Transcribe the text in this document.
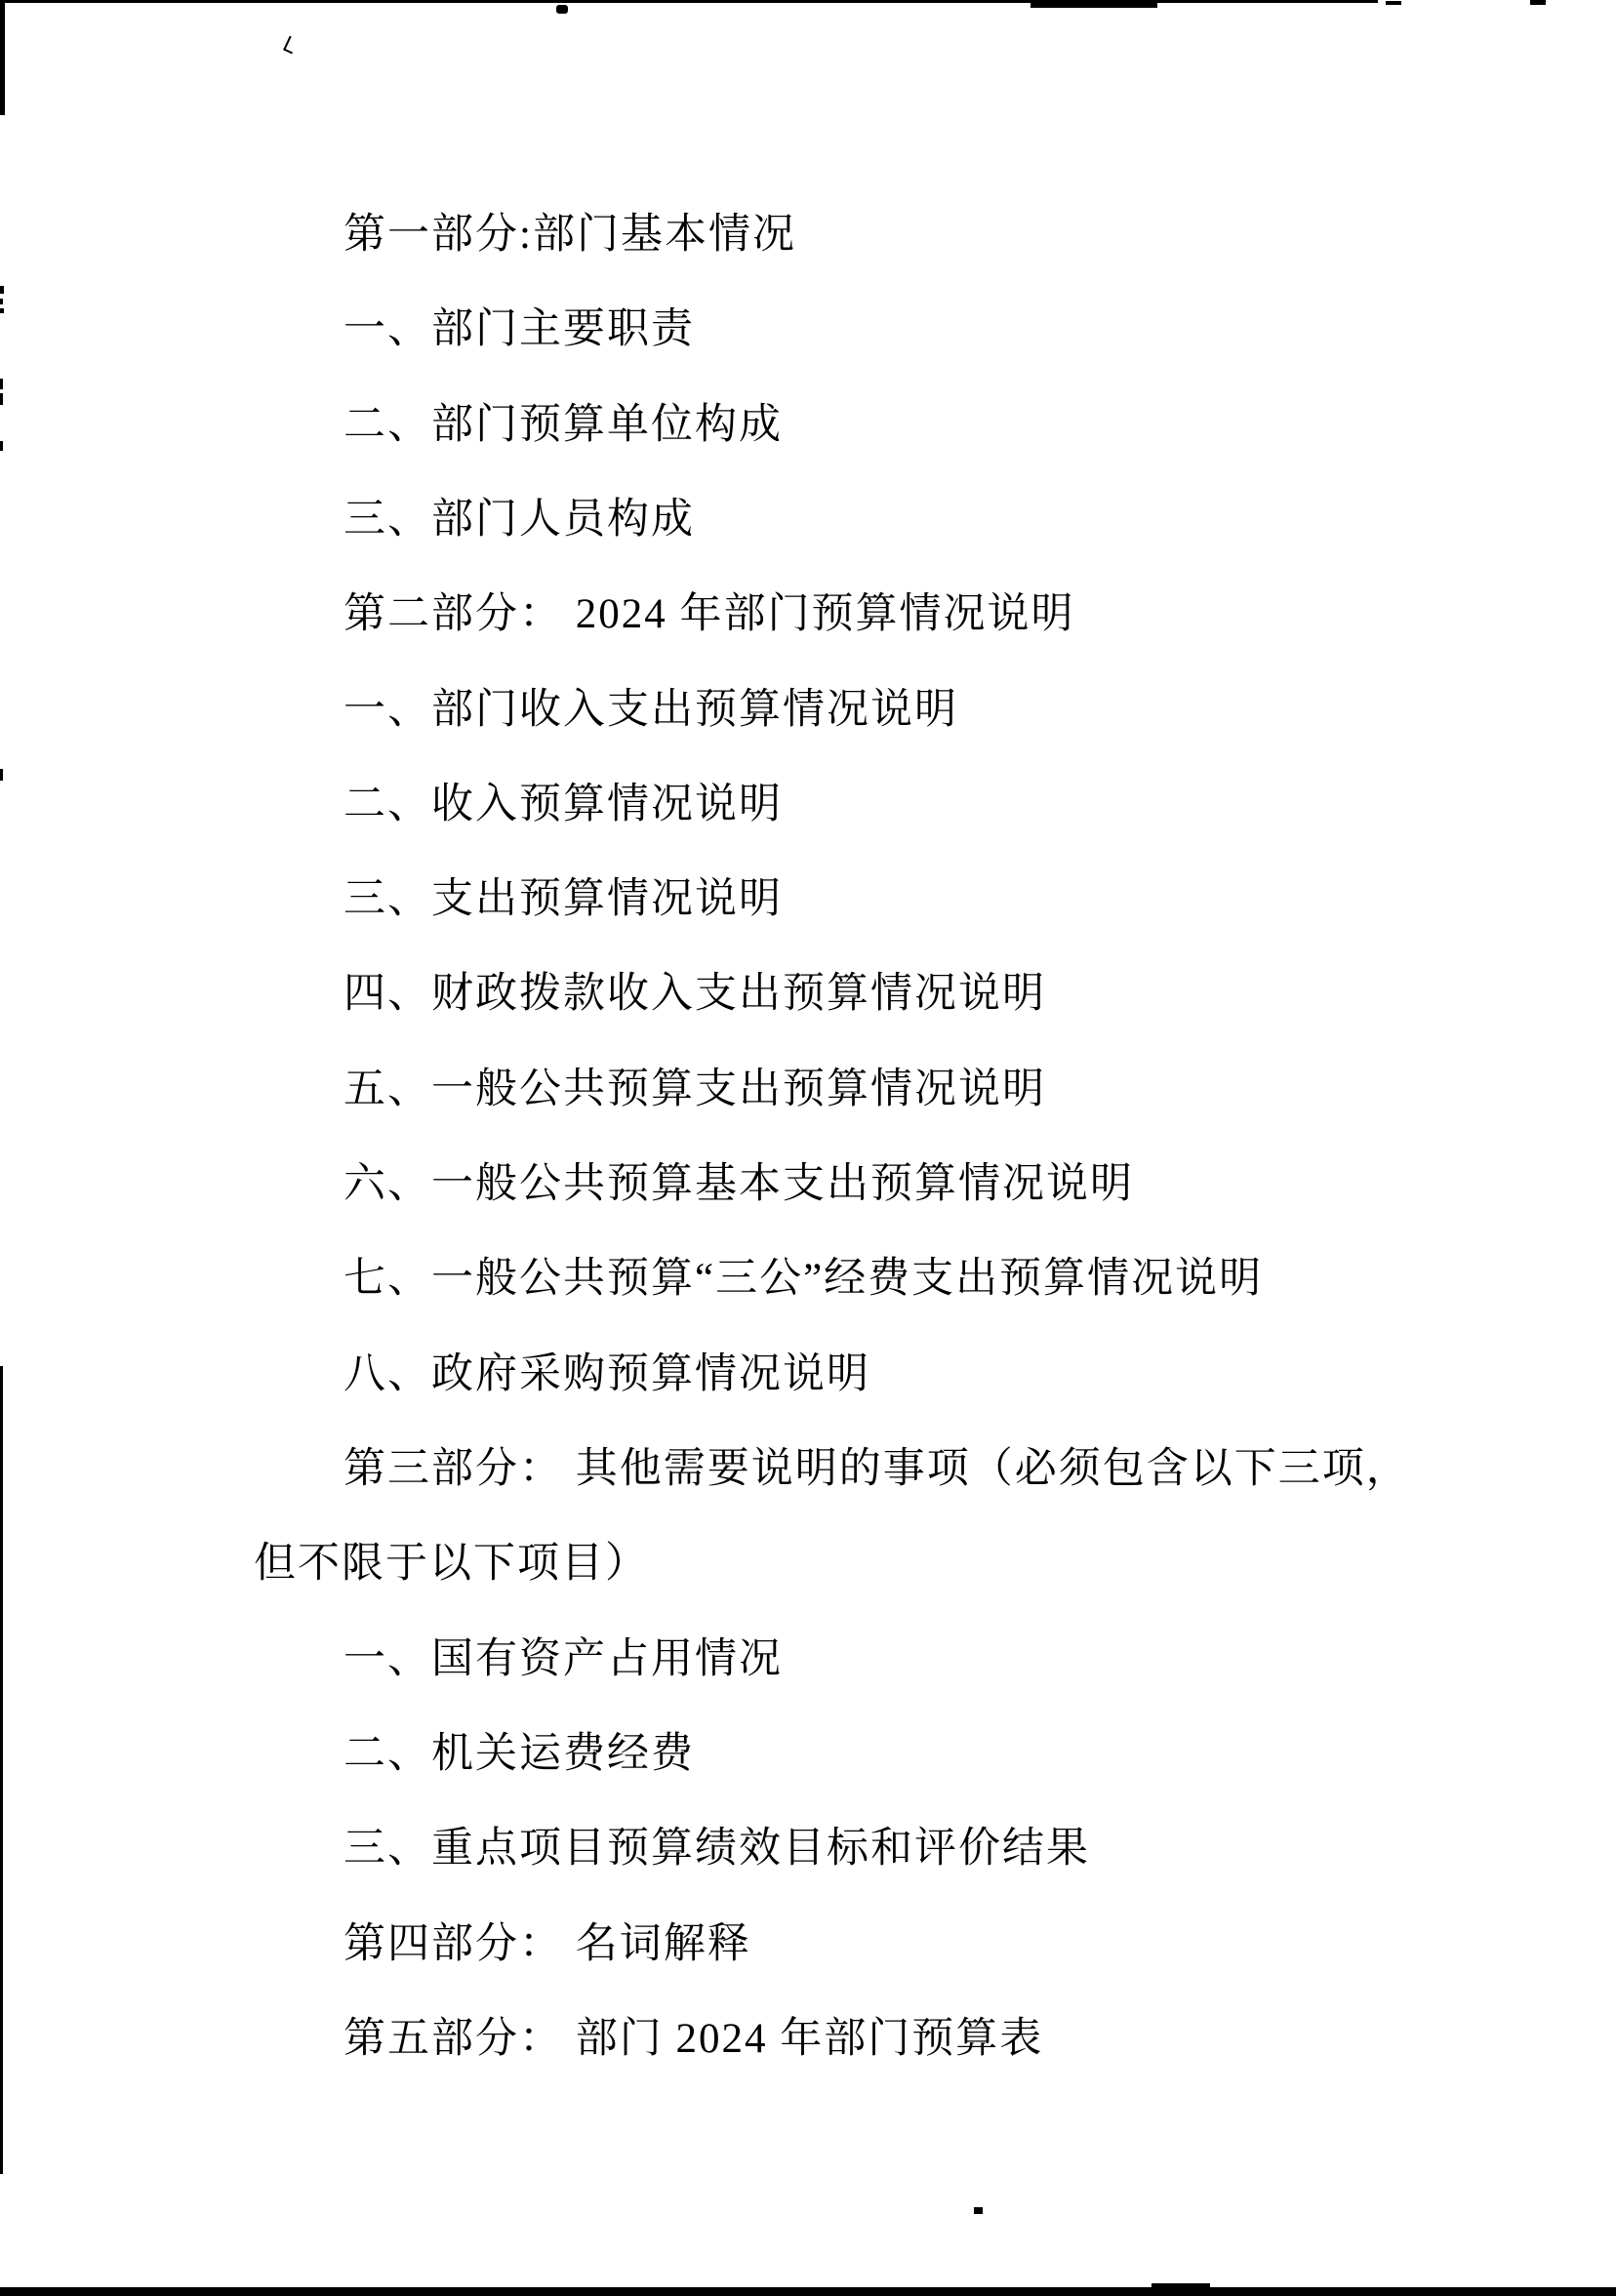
第一部分:部门基本情况
一、部门主要职责
二、部门预算单位构成
三、部门人员构成
第二部分： 2024 年部门预算情况说明
一、部门收入支出预算情况说明
二、收入预算情况说明
三、支出预算情况说明
四、财政拨款收入支出预算情况说明
五、一般公共预算支出预算情况说明
六、一般公共预算基本支出预算情况说明
七、一般公共预算“三公”经费支出预算情况说明
八、政府采购预算情况说明
第三部分： 其他需要说明的事项（必须包含以下三项，
但不限于以下项目）
一、国有资产占用情况
二、机关运费经费
三、重点项目预算绩效目标和评价结果
第四部分： 名词解释
第五部分： 部门 2024 年部门预算表
